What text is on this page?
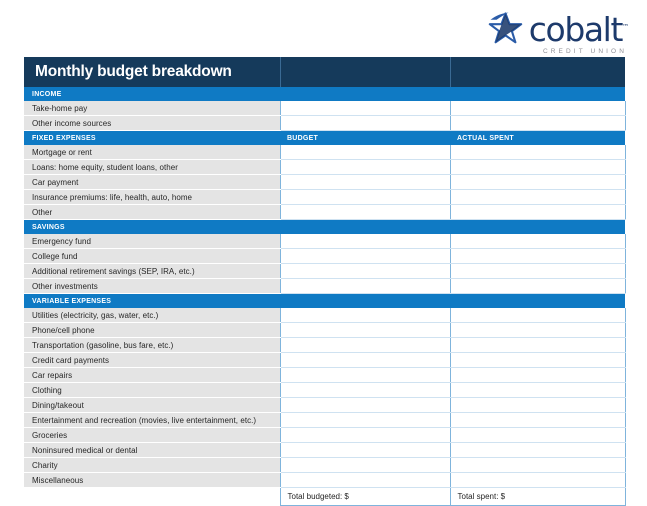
cobalt™
CREDIT UNION
Monthly budget breakdown		

INCOME		

Take-home pay		

Other income sources		

FIXED EXPENSES	BUDGET	ACTUAL SPENT

Mortgage or rent		

Loans: home equity, student loans, other		

Car payment		

Insurance premiums: life, health, auto, home		

Other		

SAVINGS		

Emergency fund		

College fund		

Additional retirement savings (SEP, IRA, etc.)		

Other investments		

VARIABLE EXPENSES		

Utilities (electricity, gas, water, etc.)		

Phone/cell phone		

Transportation (gasoline, bus fare, etc.)		

Credit card payments		

Car repairs		

Clothing		

Dining/takeout		

Entertainment and recreation (movies, live entertainment, etc.)		

Groceries		

Noninsured medical or dental		

Charity		

Miscellaneous		

	Total budgeted: $	Total spent: $
